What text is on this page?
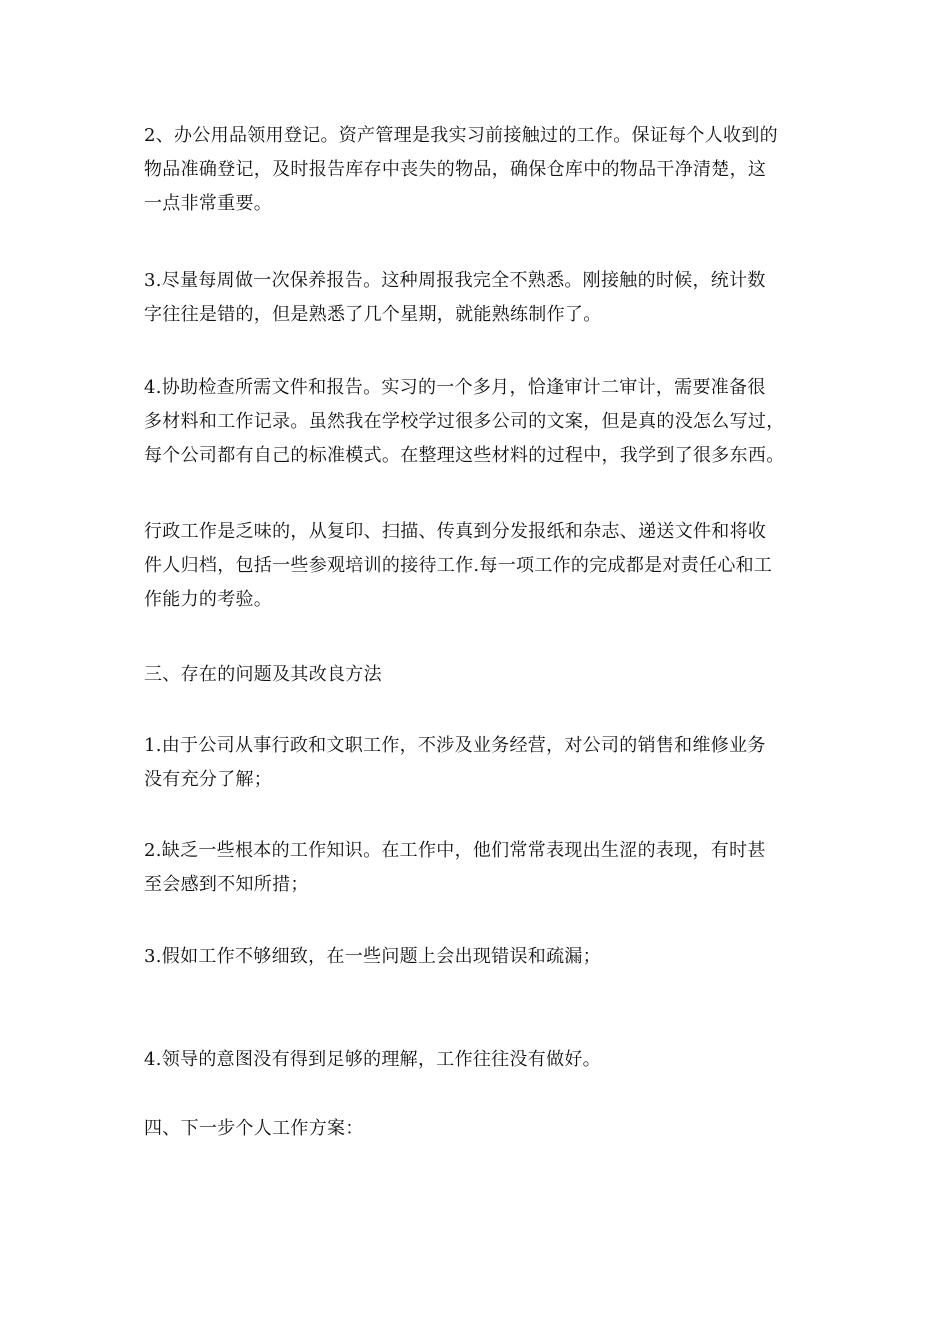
2、办公用品领用登记。资产管理是我实习前接触过的工作。保证每个人收到的
物品准确登记，及时报告库存中丧失的物品，确保仓库中的物品干净清楚，这
一点非常重要。

3.尽量每周做一次保养报告。这种周报我完全不熟悉。刚接触的时候，统计数
字往往是错的，但是熟悉了几个星期，就能熟练制作了。

4.协助检查所需文件和报告。实习的一个多月，恰逢审计二审计，需要准备很
多材料和工作记录。虽然我在学校学过很多公司的文案，但是真的没怎么写过，
每个公司都有自己的标准模式。在整理这些材料的过程中，我学到了很多东西。

行政工作是乏味的，从复印、扫描、传真到分发报纸和杂志、递送文件和将收
件人归档，包括一些参观培训的接待工作.每一项工作的完成都是对责任心和工
作能力的考验。

三、存在的问题及其改良方法

1.由于公司从事行政和文职工作，不涉及业务经营，对公司的销售和维修业务
没有充分了解；

2.缺乏一些根本的工作知识。在工作中，他们常常表现出生涩的表现，有时甚
至会感到不知所措；

3.假如工作不够细致，在一些问题上会出现错误和疏漏；

4.领导的意图没有得到足够的理解，工作往往没有做好。

四、下一步个人工作方案：
